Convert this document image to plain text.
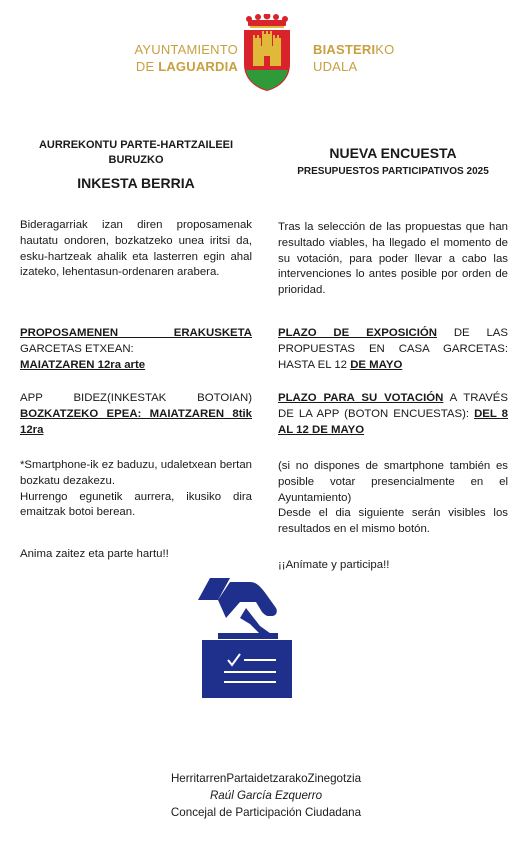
AYUNTAMIENTO
DE LAGUARDIA
BIASTERIKO
UDALA
AURREKONTU PARTE-HARTZAILEEI
BURUZKO
INKESTA BERRIA
Bideragarriak izan diren proposamenak hautatu ondoren, bozkatzeko unea iritsi da, esku-hartzeak ahalik eta lasterren egin ahal izateko, lehentasun-ordenaren arabera.
PROPOSAMENEN ERAKUSKETA
GARCETAS ETXEAN:
MAIATZAREN 12ra arte
APP BIDEZ(INKESTAK BOTOIAN)
BOZKATZEKO EPEA: MAIATZAREN 8tik 12ra
*Smartphone-ik ez baduzu, udaletxean bertan bozkatu dezakezu.
Hurrengo egunetik aurrera, ikusiko dira emaitzak botoi berean.
Anima zaitez eta parte hartu!!
NUEVA ENCUESTA
PRESUPUESTOS PARTICIPATIVOS 2025
Tras la selección de las propuestas que han resultado viables, ha llegado el momento de su votación, para poder llevar a cabo las intervenciones lo antes posible por orden de prioridad.
PLAZO DE EXPOSICIÓN DE LAS PROPUESTAS EN CASA GARCETAS: HASTA EL 12 DE MAYO
PLAZO PARA SU VOTACIÓN A TRAVÉS DE LA APP (BOTON ENCUESTAS): DEL 8 AL 12 DE MAYO
(si no dispones de smartphone también es posible votar presencialmente en el Ayuntamiento)
Desde el dia siguiente serán visibles los resultados en el mismo botón.
¡¡Anímate y participa!!
HerritarrenPartaidetzarakoZinegotzia
Raúl García Ezquerro
Concejal de Participación Ciudadana
